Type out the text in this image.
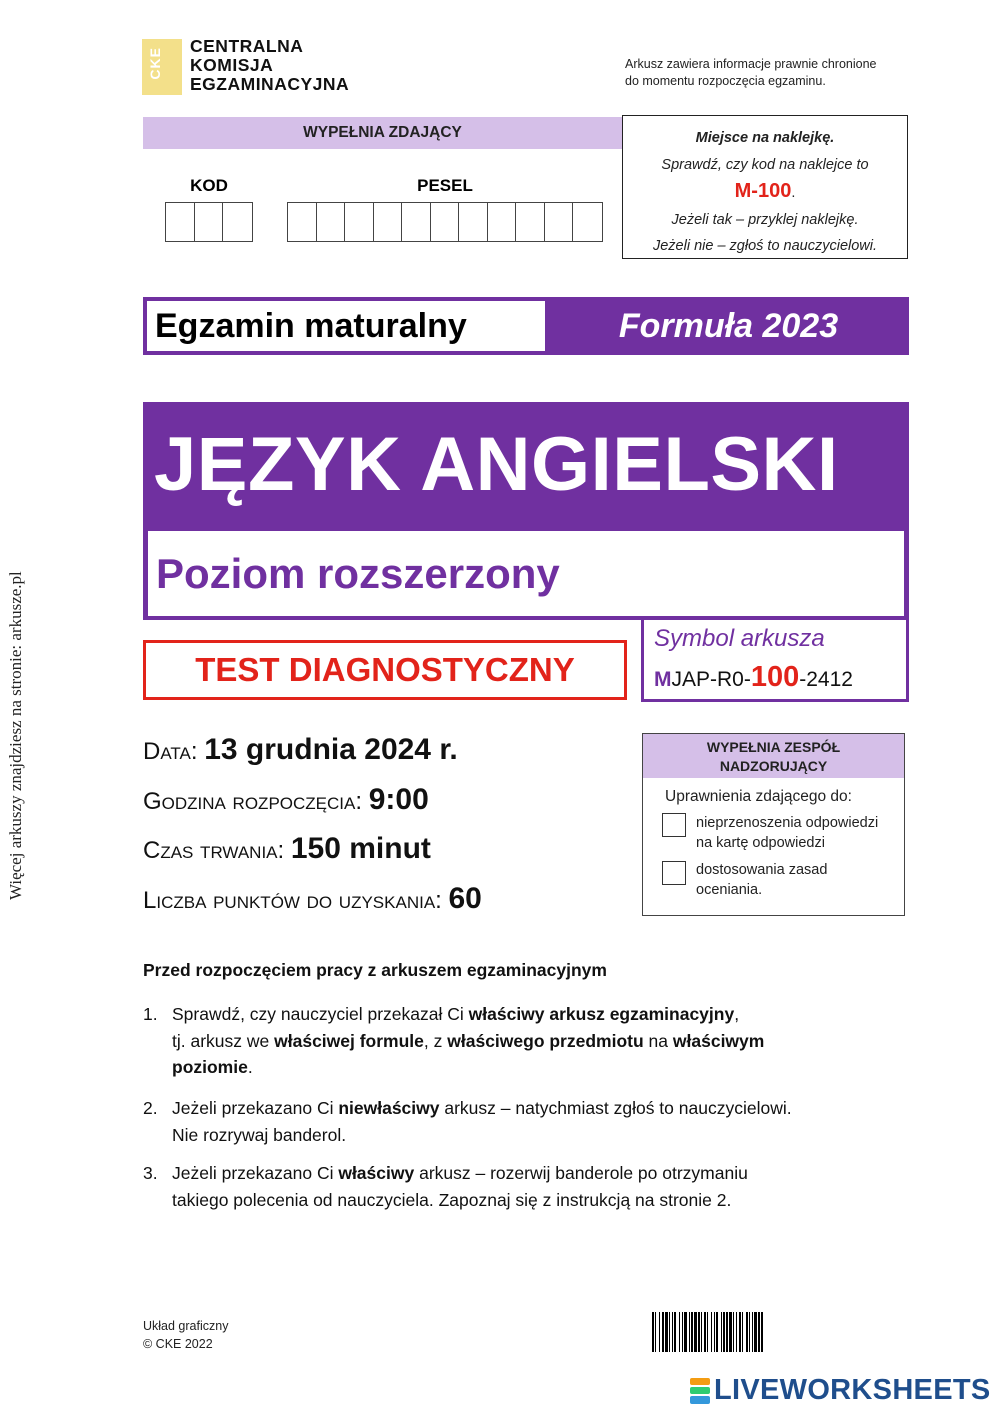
CKE
CENTRALNA
KOMISJA
EGZAMINACYJNA
Arkusz zawiera informacje prawnie chronione
do momentu rozpoczęcia egzaminu.
WYPEŁNIA ZDAJĄCY
KOD	PESEL
Miejsce na naklejkę.
Sprawdź, czy kod na naklejce to
M-100.
Jeżeli tak – przyklej naklejkę.
Jeżeli nie – zgłoś to nauczycielowi.
Egzamin maturalny	Formuła 2023
JĘZYK ANGIELSKI
Poziom rozszerzony
TEST DIAGNOSTYCZNY
Symbol arkusza
MJAP-R0-100-2412
Data: 13 grudnia 2024 r.
Godzina rozpoczęcia: 9:00
Czas trwania: 150 minut
Liczba punktów do uzyskania: 60
WYPEŁNIA ZESPÓŁ
NADZORUJĄCY
Uprawnienia zdającego do:
nieprzenoszenia odpowiedzi
na kartę odpowiedzi
dostosowania zasad
oceniania.
Przed rozpoczęciem pracy z arkuszem egzaminacyjnym
1. Sprawdź, czy nauczyciel przekazał Ci właściwy arkusz egzaminacyjny,
tj. arkusz we właściwej formule, z właściwego przedmiotu na właściwym
poziomie.
2. Jeżeli przekazano Ci niewłaściwy arkusz – natychmiast zgłoś to nauczycielowi.
Nie rozrywaj banderol.
3. Jeżeli przekazano Ci właściwy arkusz – rozerwij banderole po otrzymaniu
takiego polecenia od nauczyciela. Zapoznaj się z instrukcją na stronie 2.
Układ graficzny
© CKE 2022
LIVEWORKSHEETS
Więcej arkuszy znajdziesz na stronie: arkusze.pl
